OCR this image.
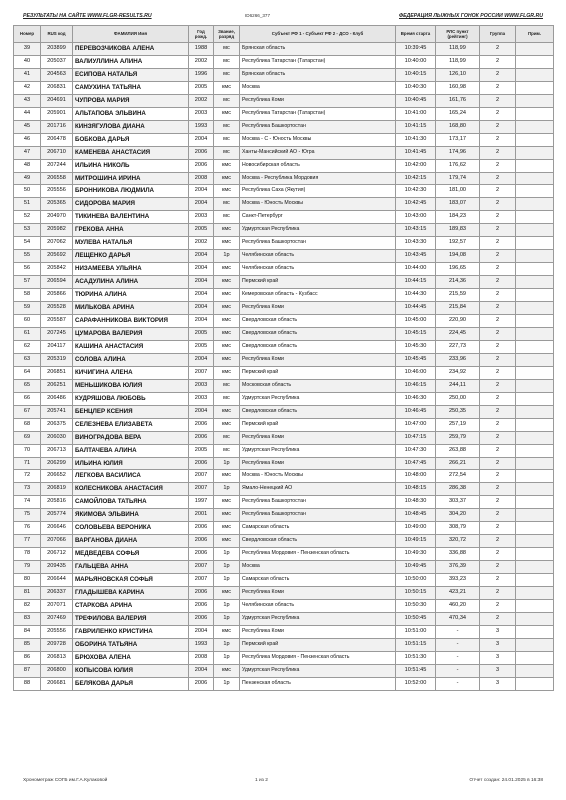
РЕЗУЛЬТАТЫ НА САЙТЕ WWW.FLGR-RESULTS.RU	ID6266_377	ФЕДЕРАЦИЯ ЛЫЖНЫХ ГОНОК РОССИИ WWW.FLGR.RU
Номер	RUS код	ФАМИЛИЯ Имя	Год рожд.	Звание, разряд	Субъект РФ 1 - Субъект РФ 2 - ДСО - Клуб	Время старта	РЛС пункт (рейтинг)	Группа	Прим.
39	203899	ПЕРЕВОЗЧИКОВА АЛЕНА	1988	мс	Брянская область	10:39:45	118,99	2	
40	205037	ВАЛИУЛЛИНА АЛИНА	2002	мс	Республика Татарстан (Татарстан)	10:40:00	118,99	2	
41	204563	ЕСИПОВА НАТАЛЬЯ	1996	мс	Брянская область	10:40:15	126,10	2	
42	206831	САМУХИНА ТАТЬЯНА	2005	кмс	Москва	10:40:30	160,98	2	
43	204691	ЧУПРОВА МАРИЯ	2002	мс	Республика Коми	10:40:45	161,76	2	
44	205901	АЛЬТАПОВА ЭЛЬВИНА	2003	кмс	Республика Татарстан (Татарстан)	10:41:00	165,24	2	
45	201716	КИНЗЯГУЛОВА ДИАНА	1993	мс	Республика Башкортостан	10:41:15	168,80	2	
46	206478	БОБКОВА ДАРЬЯ	2004	мс	Москва - С - Юность Москвы	10:41:30	173,17	2	
47	206710	КАМЕНЕВА АНАСТАСИЯ	2006	мс	Ханты-Мансийский АО - Югра	10:41:45	174,96	2	
48	207244	ИЛЬИНА НИКОЛЬ	2006	кмс	Новосибирская область	10:42:00	176,62	2	
49	206558	МИТРОШИНА ИРИНА	2008	кмс	Москва - Республика Мордовия	10:42:15	179,74	2	
50	205556	БРОННИКОВА ЛЮДМИЛА	2004	кмс	Республика Саха (Якутия)	10:42:30	181,00	2	
51	205365	СИДОРОВА МАРИЯ	2004	мс	Москва - Юность Москвы	10:42:45	183,07	2	
52	204970	ТИКИНЕВА ВАЛЕНТИНА	2003	мс	Санкт-Петербург	10:43:00	184,23	2	
53	205982	ГРЕКОВА АННА	2005	кмс	Удмуртская Республика	10:43:15	189,83	2	
54	207062	МУЛЕВА НАТАЛЬЯ	2002	кмс	Республика Башкортостан	10:43:30	192,57	2	
55	205692	ЛЕЩЕНКО ДАРЬЯ	2004	1р	Челябинская область	10:43:45	194,08	2	
56	205842	НИЗАМЕЕВА УЛЬЯНА	2004	кмс	Челябинская область	10:44:00	196,65	2	
57	206594	АСАДУЛИНА АЛИНА	2004	кмс	Пермский край	10:44:15	214,36	2	
58	205866	ТЮРИНА АЛИНА	2004	кмс	Кемеровская область - Кузбасс	10:44:30	215,59	2	
59	205528	МИЛЬКОВА АРИНА	2004	кмс	Республика Коми	10:44:45	215,84	2	
60	205587	САРАФАННИКОВА ВИКТОРИЯ	2004	кмс	Свердловская область	10:45:00	220,90	2	
61	207245	ЦУМАРОВА ВАЛЕРИЯ	2005	кмс	Свердловская область	10:45:15	224,45	2	
62	204117	КАШИНА АНАСТАСИЯ	2005	кмс	Свердловская область	10:45:30	227,73	2	
63	205319	СОЛОВА АЛИНА	2004	кмс	Республика Коми	10:45:45	233,96	2	
64	206851	КИЧИГИНА АЛЕНА	2007	кмс	Пермский край	10:46:00	234,92	2	
65	206251	МЕНЬШИКОВА ЮЛИЯ	2003	мс	Московская область	10:46:15	244,11	2	
66	206486	КУДРЯШОВА ЛЮБОВЬ	2003	мс	Удмуртская Республика	10:46:30	250,00	2	
67	205741	БЕНЦЛЕР КСЕНИЯ	2004	кмс	Свердловская область	10:46:45	250,35	2	
68	206375	СЕЛЕЗНЕВА ЕЛИЗАВЕТА	2006	кмс	Пермский край	10:47:00	257,19	2	
69	206030	ВИНОГРАДОВА ВЕРА	2006	мс	Республика Коми	10:47:15	259,79	2	
70	206713	БАЛТАЧЕВА АЛИНА	2005	мс	Удмуртская Республика	10:47:30	263,88	2	
71	206299	ИЛЬИНА ЮЛИЯ	2006	1р	Республика Коми	10:47:45	266,21	2	
72	206652	ЛЕГКОВА ВАСИЛИСА	2007	кмс	Москва - Юность Москвы	10:48:00	272,54	2	
73	206819	КОЛЕСНИКОВА АНАСТАСИЯ	2007	1р	Ямало-Ненецкий АО	10:48:15	286,38	2	
74	205816	САМОЙЛОВА ТАТЬЯНА	1997	кмс	Республика Башкортостан	10:48:30	303,37	2	
75	205774	ЯКИМОВА ЭЛЬВИНА	2001	кмс	Республика Башкортостан	10:48:45	304,20	2	
76	206646	СОЛОВЬЕВА ВЕРОНИКА	2006	кмс	Самарская область	10:49:00	308,79	2	
77	207066	ВАРГАНОВА ДИАНА	2006	кмс	Свердловская область	10:49:15	320,72	2	
78	206712	МЕДВЕДЕВА СОФЬЯ	2006	1р	Республика Мордовия - Пензенская область	10:49:30	336,88	2	
79	209435	ГАЛЬЦЕВА АННА	2007	1р	Москва	10:49:45	376,39	2	
80	206644	МАРЬЯНОВСКАЯ СОФЬЯ	2007	1р	Самарская область	10:50:00	393,23	2	
81	206337	ГЛАДЫШЕВА КАРИНА	2006	кмс	Республика Коми	10:50:15	423,21	2	
82	207071	СТАРКОВА АРИНА	2006	1р	Челябинская область	10:50:30	460,20	2	
83	207469	ТРЕФИЛОВА ВАЛЕРИЯ	2006	1р	Удмуртская Республика	10:50:45	470,34	2	
84	205556	ГАВРИЛЕНКО КРИСТИНА	2004	кмс	Республика Коми	10:51:00	-	3	
85	209728	ОБОРИНА ТАТЬЯНА	1993	1р	Пермский край	10:51:15	-	3	
86	206813	БРЮХОВА АЛЕНА	2008	1р	Республика Мордовия - Пензенская область	10:51:30	-	3	
87	206800	КОПЫСОВА ЮЛИЯ	2004	кмс	Удмуртская Республика	10:51:45	-	3	
88	206681	БЕЛЯКОВА ДАРЬЯ	2006	1р	Пензенская область	10:52:00	-	3	
Хронометраж СОГБ им.Г.А.Кулаковой	1 из 2	Отчет создан: 24.01.2025 в 16:38
